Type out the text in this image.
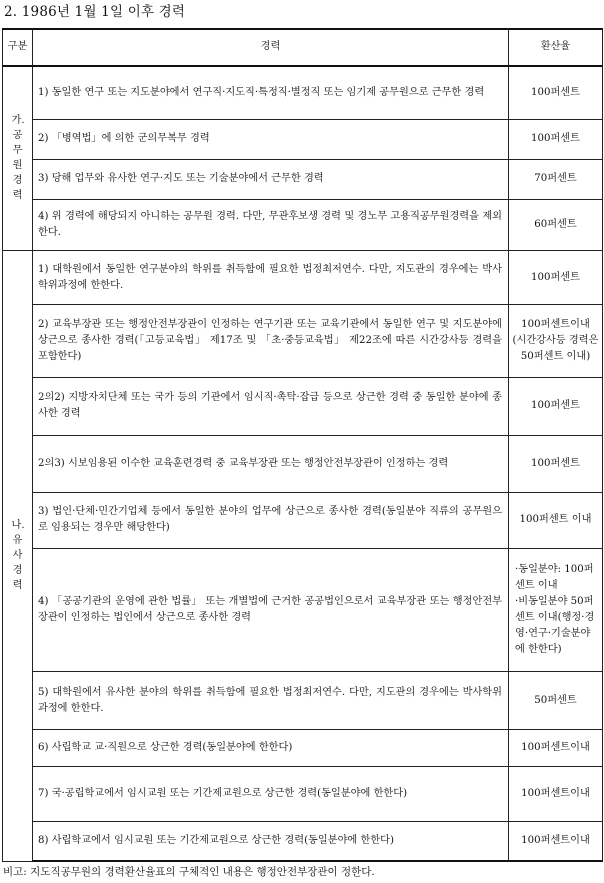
2. 1986년 1월 1일 이후 경력
구분	경력	환산율
가.공무원경력	1) 동일한 연구 또는 지도분야에서 연구직·지도직·특정직·별정직 또는 임기제 공무원으로 근무한 경력	100퍼센트
	2) 「병역법」에 의한 군의무복무 경력	100퍼센트
	3) 당해 업무와 유사한 연구·지도 또는 기술분야에서 근무한 경력	70퍼센트
	4) 위 경력에 해당되지 아니하는 공무원 경력. 다만, 무관후보생 경력 및 경노무 고용직공무원경력을 제외한다.	60퍼센트
나.유사경력	1) 대학원에서 동일한 연구분야의 학위를 취득함에 필요한 법정최저연수. 다만, 지도관의 경우에는 박사학위과정에 한한다.	100퍼센트
	2) 교육부장관 또는 행정안전부장관이 인정하는 연구기관 또는 교육기관에서 동일한 연구 및 지도분야에 상근으로 종사한 경력(「고등교육법」 제17조 및 「초·중등교육법」 제22조에 따른 시간강사등 경력을 포함한다)	100퍼센트이내
(시간강사등 경력은 50퍼센트 이내)

	2의2) 지방자치단체 또는 국가 등의 기관에서 임시직·촉탁·잡급 등으로 상근한 경력 중 동일한 분야에 종사한 경력	100퍼센트
	2의3) 시보임용된 이수한 교육훈련경력 중 교육부장관 또는 행정안전부장관이 인정하는 경력	100퍼센트
	3) 법인·단체·민간기업체 등에서 동일한 분야의 업무에 상근으로 종사한 경력(동일분야 직류의 공무원으로 임용되는 경우만 해당한다)	100퍼센트 이내
	4) 「공공기관의 운영에 관한 법률」 또는 개별법에 근거한 공공법인으로서 교육부장관 또는 행정안전부장관이 인정하는 법인에서 상근으로 종사한 경력	·동일분야: 100퍼센트 이내
·비동일분야 50퍼센트 이내(행정·경영·연구·기술분야에 한한다)

	5) 대학원에서 유사한 분야의 학위를 취득함에 필요한 법정최저연수. 다만, 지도관의 경우에는 박사학위과정에 한한다.	50퍼센트
	6) 사립학교 교·직원으로 상근한 경력(동일분야에 한한다)	100퍼센트이내
	7) 국·공립학교에서 임시교원 또는 기간제교원으로 상근한 경력(동일분야에 한한다)	100퍼센트이내
	8) 사립학교에서 임시교원 또는 기간제교원으로 상근한 경력(동일분야에 한한다)	100퍼센트이내
비고: 지도직공무원의 경력환산율표의 구체적인 내용은 행정안전부장관이 정한다.
